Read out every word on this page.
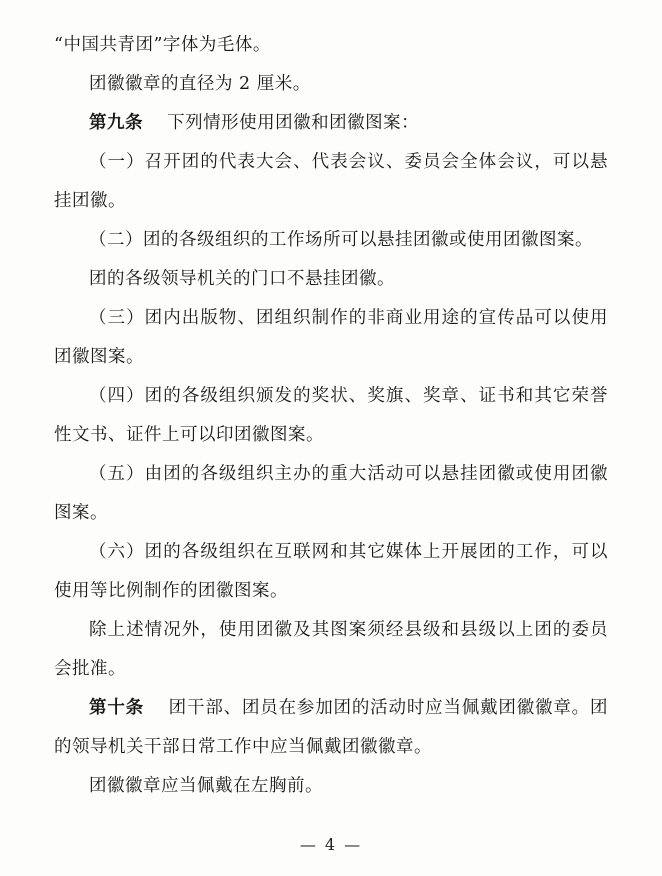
“中国共青团”字体为毛体。

团徽徽章的直径为 2 厘米。

第九条 　下列情形使用团徽和团徽图案：

（一）召开团的代表大会、代表会议、委员会全体会议，可以悬挂团徽。

（二）团的各级组织的工作场所可以悬挂团徽或使用团徽图案。

团的各级领导机关的门口不悬挂团徽。

（三）团内出版物、团组织制作的非商业用途的宣传品可以使用团徽图案。

（四）团的各级组织颁发的奖状、奖旗、奖章、证书和其它荣誉性文书、证件上可以印团徽图案。

（五）由团的各级组织主办的重大活动可以悬挂团徽或使用团徽图案。

（六）团的各级组织在互联网和其它媒体上开展团的工作，可以使用等比例制作的团徽图案。

除上述情况外，使用团徽及其图案须经县级和县级以上团的委员会批准。

第十条 　团干部、团员在参加团的活动时应当佩戴团徽徽章。团的领导机关干部日常工作中应当佩戴团徽徽章。

团徽徽章应当佩戴在左胸前。

— 4 —
